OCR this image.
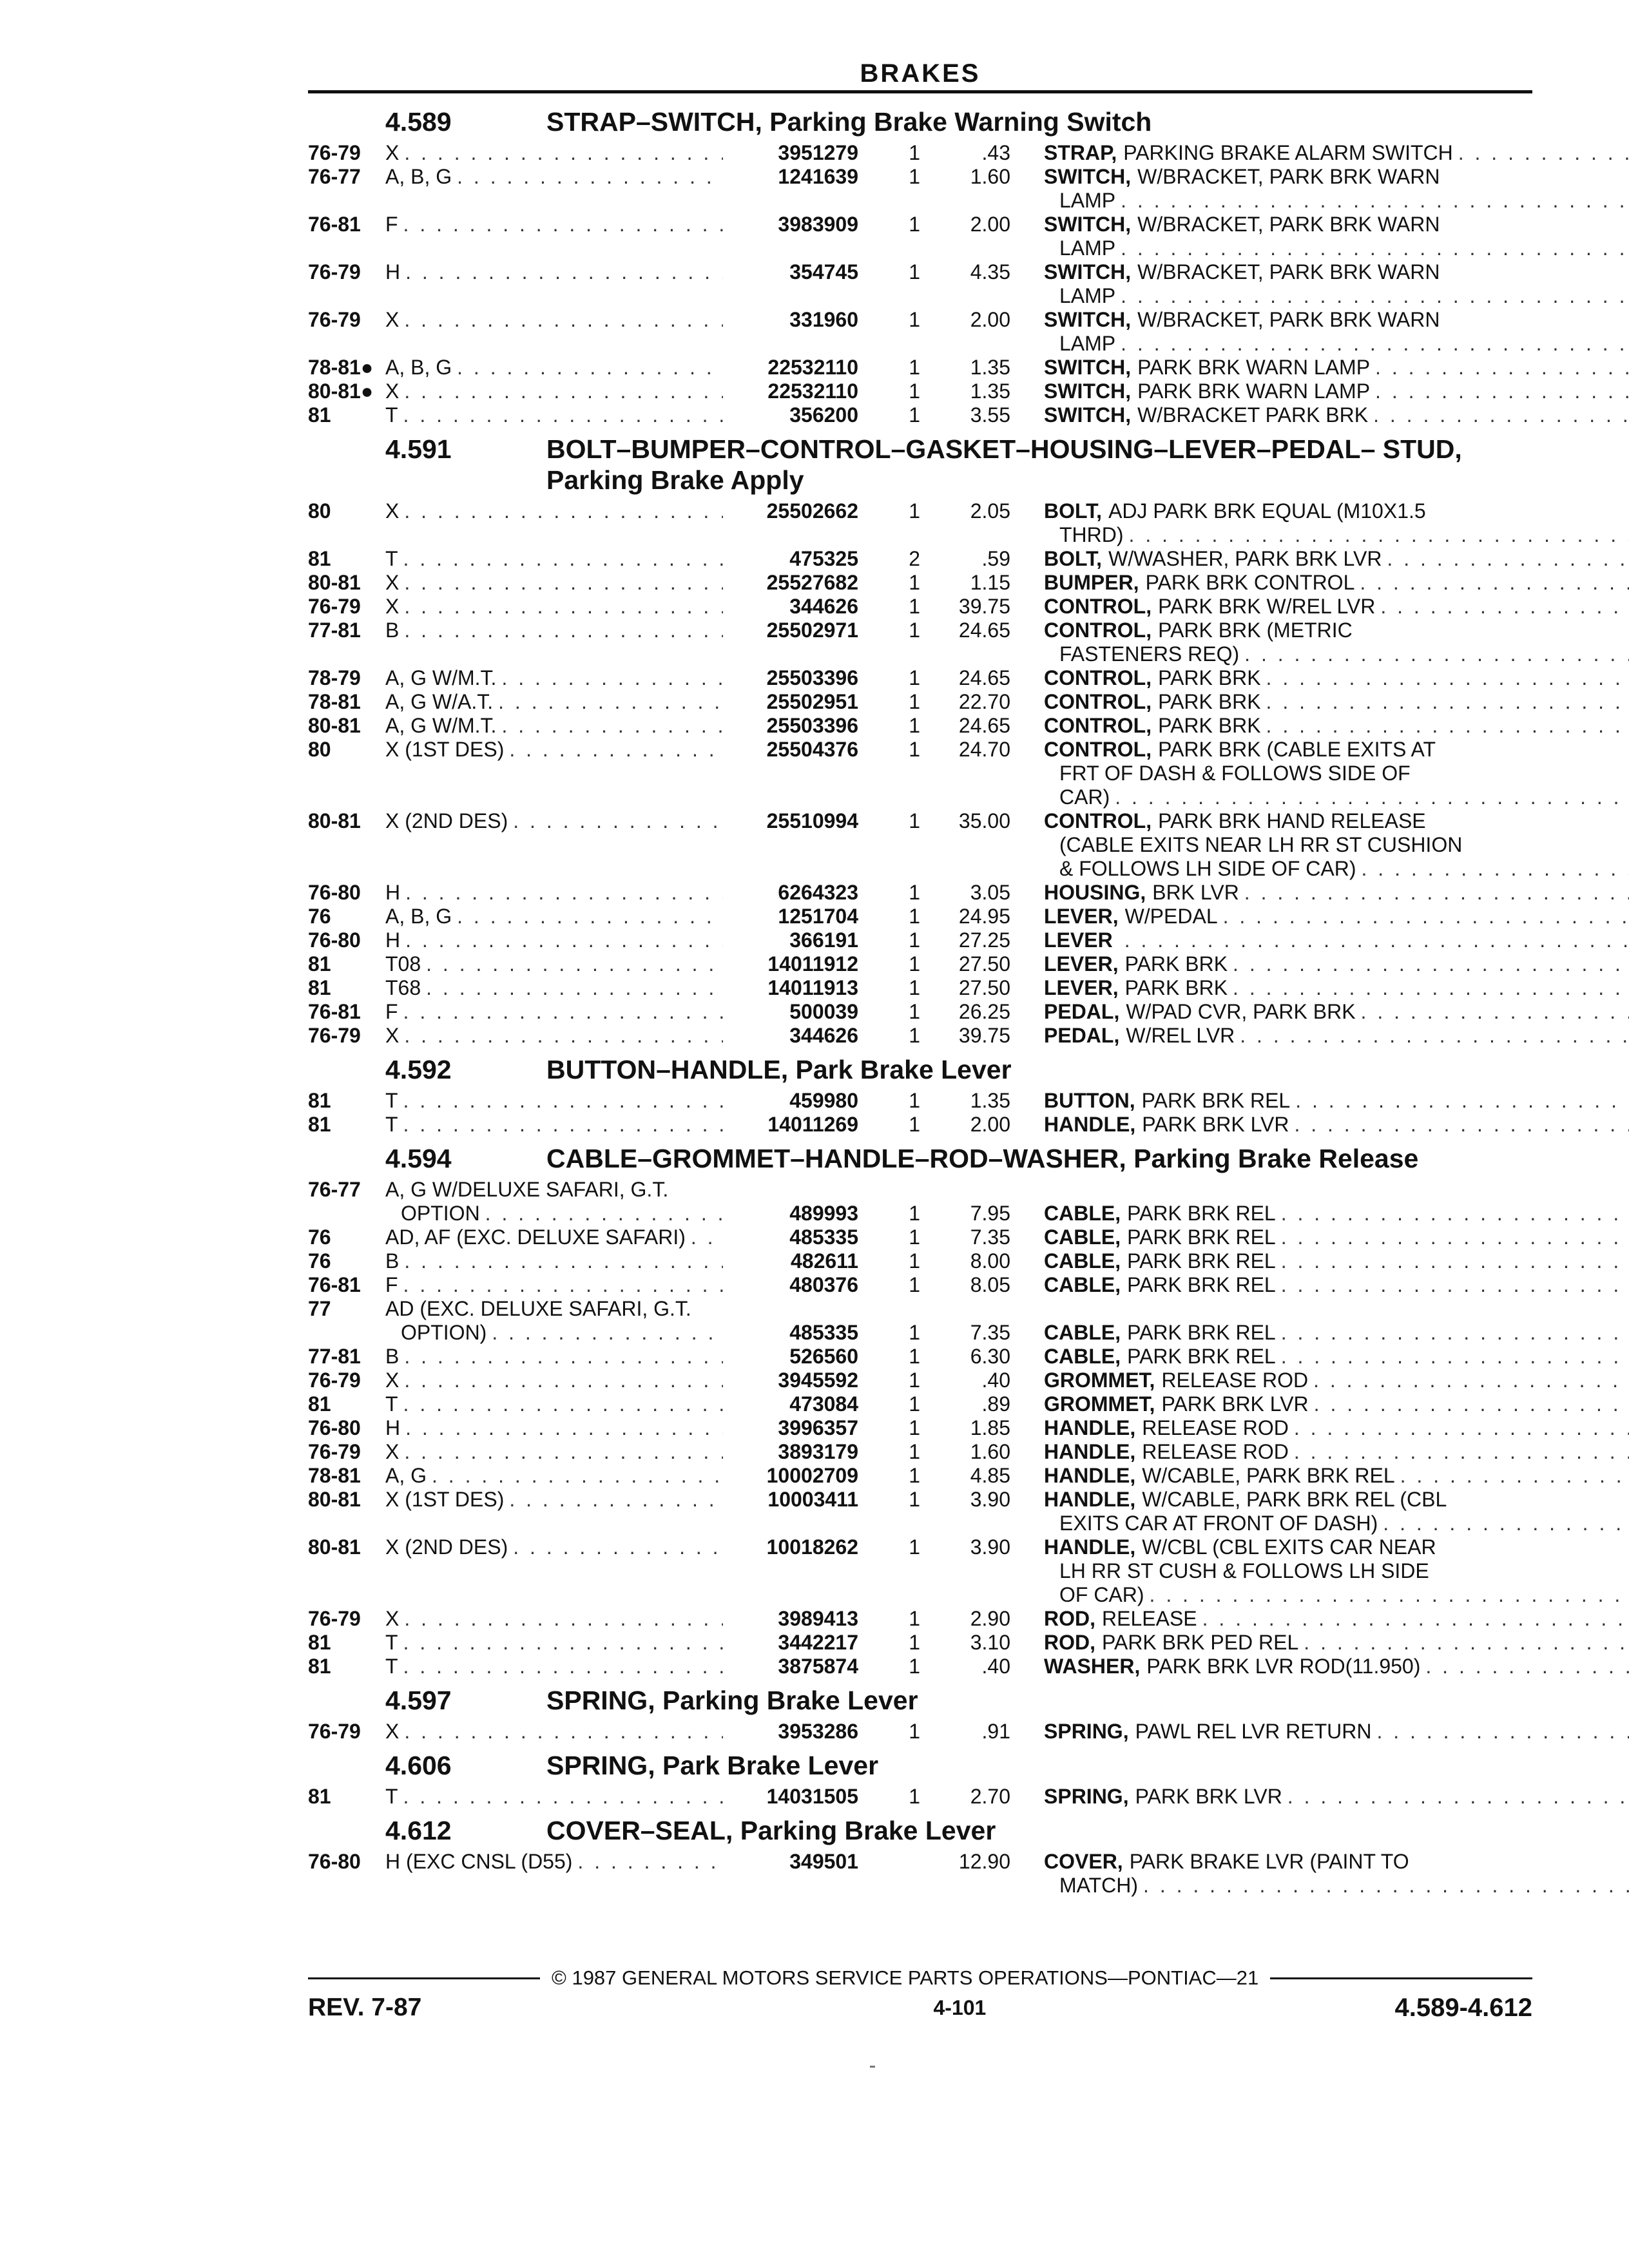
BRAKES
4.589	STRAP–SWITCH, Parking Brake Warning Switch
76-79	X . . .	3951279	1	.43 STRAP, PARKING BRAKE ALARM SWITCH
. . .
76-77	A, B, G . . .	1241639	1	1.60 SWITCH, W/BRACKET, PARK BRK WARN
LAMP
. . .
76-81	F . . .	3983909	1	2.00 SWITCH, W/BRACKET, PARK BRK WARN
LAMP
. . .
76-79	H . . .	354745	1	4.35 SWITCH, W/BRACKET, PARK BRK WARN
LAMP
. . .
76-79	X . . .	331960	1	2.00 SWITCH, W/BRACKET, PARK BRK WARN
LAMP
. . .
78-81● A, B, G . . .	22532110	1	1.35 SWITCH, PARK BRK WARN LAMP
. . .
80-81● X . . .	22532110	1	1.35 SWITCH, PARK BRK WARN LAMP
. . .
81	T . . .	356200	1	3.55 SWITCH, W/BRACKET PARK BRK
. . .
4.591	BOLT–BUMPER–CONTROL–GASKET–HOUSING–LEVER–PEDAL– STUD,
Parking Brake Apply
80	X . . .	25502662	1	2.05 BOLT, ADJ PARK BRK EQUAL (M10X1.5
THRD)
. . .
81	T . . .	475325	2	.59 BOLT, W/WASHER, PARK BRK LVR
. . .
80-81	X . . .	25527682	1	1.15 BUMPER, PARK BRK CONTROL
. . .
76-79	X . . .	344626	1	39.75 CONTROL, PARK BRK W/REL LVR
. . .
77-81	B . . .	25502971	1	24.65 CONTROL, PARK BRK (METRIC
FASTENERS REQ)
. . .
78-79	A, G W/M.T. . . .	25503396	1	24.65 CONTROL, PARK BRK
. . .
78-81	A, G W/A.T. . . .	25502951	1	22.70 CONTROL, PARK BRK
. . .
80-81	A, G W/M.T. . . .	25503396	1	24.65 CONTROL, PARK BRK
. . .
80	X (1ST DES) . . .	25504376	1	24.70 CONTROL, PARK BRK (CABLE EXITS AT
FRT OF DASH & FOLLOWS SIDE OF
CAR)
. . .
80-81	X (2ND DES) . . .	25510994	1	35.00 CONTROL, PARK BRK HAND RELEASE
(CABLE EXITS NEAR LH RR ST CUSHION
& FOLLOWS LH SIDE OF CAR)
. . .
76-80	H . . .	6264323	1	3.05 HOUSING, BRK LVR
. . .
76	A, B, G . . .	1251704	1	24.95 LEVER, W/PEDAL
. . .
76-80	H . . .	366191	1	27.25 LEVER
. . .
81	T08 . . .	14011912	1	27.50 LEVER, PARK BRK
. . .
81	T68 . . .	14011913	1	27.50 LEVER, PARK BRK
. . .
76-81	F . . .	500039	1	26.25 PEDAL, W/PAD CVR, PARK BRK
. . .
76-79	X . . .	344626	1	39.75 PEDAL, W/REL LVR
. . .
4.592	BUTTON–HANDLE, Park Brake Lever
81	T . . .	459980	1	1.35 BUTTON, PARK BRK REL
. . .
81	T . . .	14011269	1	2.00 HANDLE, PARK BRK LVR
. . .
4.594	CABLE–GROMMET–HANDLE–ROD–WASHER, Parking Brake Release
76-77	A, G W/DELUXE SAFARI, G.T.
OPTION . . .	489993	1	7.95 CABLE, PARK BRK REL
. . .
76	AD, AF (EXC. DELUXE SAFARI) . . .	485335	1	7.35 CABLE, PARK BRK REL
. . .
76	B . . .	482611	1	8.00 CABLE, PARK BRK REL
. . .
76-81	F . . .	480376	1	8.05 CABLE, PARK BRK REL
. . .
77	AD (EXC. DELUXE SAFARI, G.T.
OPTION) . . .	485335	1	7.35 CABLE, PARK BRK REL
. . .
77-81	B . . .	526560	1	6.30 CABLE, PARK BRK REL
. . .
76-79	X . . .	3945592	1	.40 GROMMET, RELEASE ROD
. . .
81	T . . .	473084	1	.89 GROMMET, PARK BRK LVR
. . .
76-80	H . . .	3996357	1	1.85 HANDLE, RELEASE ROD
. . .
76-79	X . . .	3893179	1	1.60 HANDLE, RELEASE ROD
. . .
78-81	A, G . . .	10002709	1	4.85 HANDLE, W/CABLE, PARK BRK REL
. . .
80-81	X (1ST DES) . . .	10003411	1	3.90 HANDLE, W/CABLE, PARK BRK REL (CBL
EXITS CAR AT FRONT OF DASH)
. . .
80-81	X (2ND DES) . . .	10018262	1	3.90 HANDLE, W/CBL (CBL EXITS CAR NEAR
LH RR ST CUSH & FOLLOWS LH SIDE
OF CAR)
. . .
76-79	X . . .	3989413	1	2.90 ROD, RELEASE
. . .
81	T . . .	3442217	1	3.10 ROD, PARK BRK PED REL
. . .
81	T . . .	3875874	1	.40 WASHER, PARK BRK LVR ROD(11.950)
. . .
4.597	SPRING, Parking Brake Lever
76-79	X . . .	3953286	1	.91 SPRING, PAWL REL LVR RETURN
. . .
4.606	SPRING, Park Brake Lever
81	T . . .	14031505	1	2.70 SPRING, PARK BRK LVR
. . .
4.612	COVER–SEAL, Parking Brake Lever
76-80	H (EXC CNSL (D55) . . .	349501	12.90 COVER, PARK BRAKE LVR (PAINT TO
MATCH)
. . .
© 1987 GENERAL MOTORS SERVICE PARTS OPERATIONS—PONTIAC—21
REV. 7-87	4-101	4.589-4.612
